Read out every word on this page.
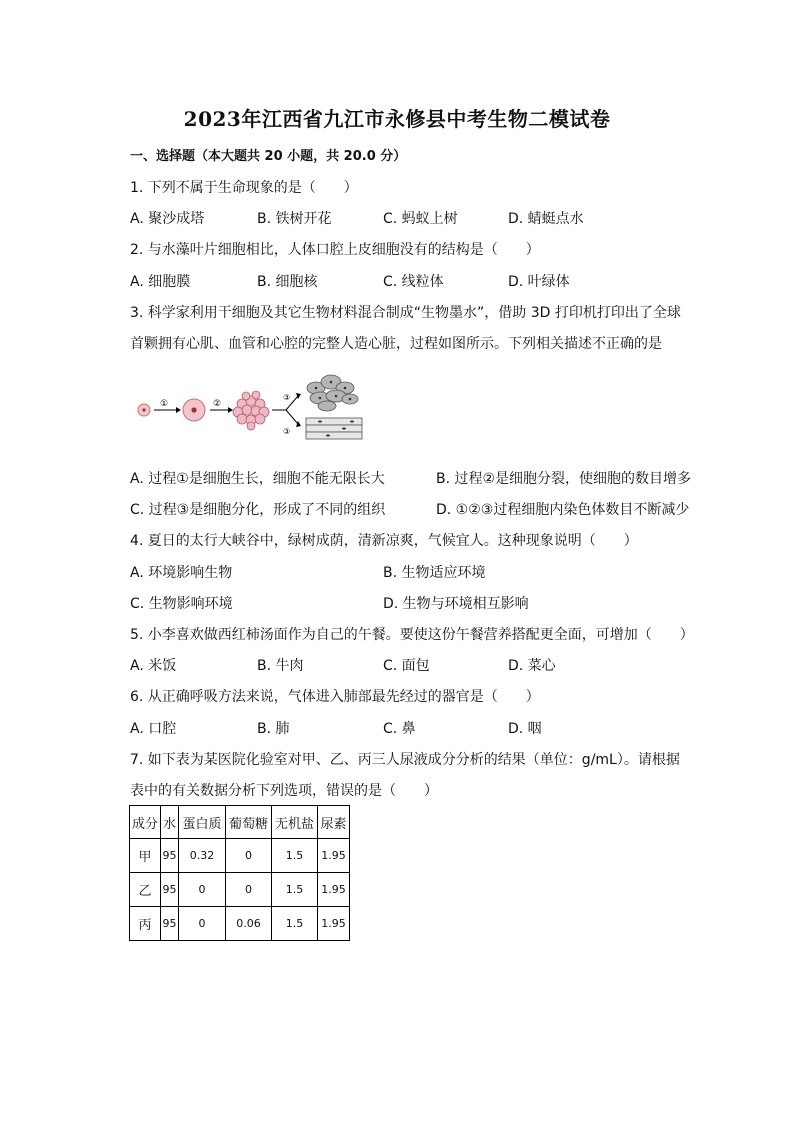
2023年江西省九江市永修县中考生物二模试卷
一、选择题（本大题共 20 小题，共 20.0 分）
1. 下列不属于生命现象的是（　　）
A. 聚沙成塔	B. 铁树开花	C. 蚂蚁上树	D. 蜻蜓点水
2. 与水藻叶片细胞相比，人体口腔上皮细胞没有的结构是（　　）
A. 细胞膜	B. 细胞核	C. 线粒体	D. 叶绿体
3. 科学家利用干细胞及其它生物材料混合制成“生物墨水”，借助 3D 打印机打印出了全球
首颗拥有心肌、血管和心腔的完整人造心脏，过程如图所示。下列相关描述不正确的是
①	②
③
③
A. 过程①是细胞生长，细胞不能无限长大	B. 过程②是细胞分裂，使细胞的数目增多
C. 过程③是细胞分化，形成了不同的组织	D. ①②③过程细胞内染色体数目不断减少
4. 夏日的太行大峡谷中，绿树成荫，清新凉爽，气候宜人。这种现象说明（　　）
A. 环境影响生物	B. 生物适应环境
C. 生物影响环境	D. 生物与环境相互影响
5. 小李喜欢做西红柿汤面作为自己的午餐。要使这份午餐营养搭配更全面，可增加（　　）
A. 米饭	B. 牛肉	C. 面包	D. 菜心
6. 从正确呼吸方法来说，气体进入肺部最先经过的器官是（　　）
A. 口腔	B. 肺	C. 鼻	D. 咽
7. 如下表为某医院化验室对甲、乙、丙三人尿液成分分析的结果（单位：g/mL）。请根据
表中的有关数据分析下列选项，错误的是（　　）
成分	水	蛋白质	葡萄糖	无机盐	尿素
甲	95	0.32	0	1.5	1.95
乙	95	0	0	1.5	1.95
丙	95	0	0.06	1.5	1.95
